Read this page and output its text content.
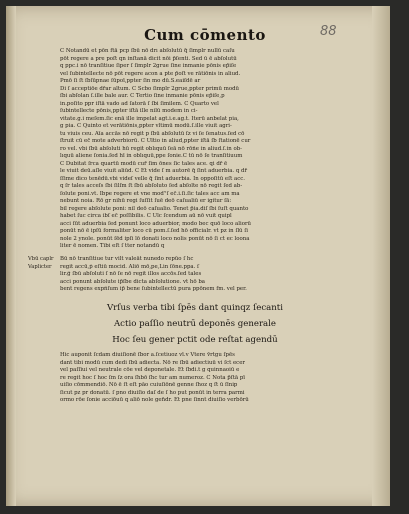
88
Cum cōmento
C Notandū et pōn ftā pcp ſbū nō dri̇ abſolutū q̄ ſimplr nullū caſu
pōt regere a pre poſt qn inſtanā dicit nōi p̄ſenti. Sed ū ē abſolutū
q ppc.i nō tranſitiue ſiper ſ ſimplr 2grue ſine inmanie pōnis ep̄iſe
vel ſubintellecte nō pōt regere acon a pte p̄oſt ve rātiōnis in aliud.
Pmō ſi ſt ſbſūpnae ſūpoī,ppter ſin mo dū.S.eaiſdē ar
Di ſ acceptiōe dr̄ar altum. C Scb̄o ſimplr 2grue,ppter primū modū
ſbi abſolan ſ.ille bale aur. C Tertio ſine inmanie pōnis ep̄iſe,p
in.poſito ppr iſtā vado ad ſatorā ſ ſbi ſimilem. C Quarto vel
ſubintellecte pōnis,ppter iſtā ille nilū modem in ci-
vitate.g.i meſem.ſic enā ille impelat agt.i.e.ag.t. Iterū anbelat pia,
g pia. C Quinto et verātiōnis,ppter vltimū modū.ſ.ille viuit agri-
tu viuis ceu. Aīa accās nō regit p ſbū abſolutū ſz vi ſe ſenatus.ſed cō
ſtruit cū ec̄ mote adverbiorū. C Ultio in aliud,ppter iſtā ſb ſtationē cur
ro vel. vbi ſbū abſoluti hū regit oblıquū ſeā nō rōñe in aliud.ſ.in ob-
lıquū aliene ſonia.ſed hī in oblıquū,ppe ſonie.C tū nō ſe tranſitiuum
C Dubitat ſrca quartū modū cur̄ ſim ōnes ſic tales ace. qi dr̄ ē
le viuit deū.aſle viuit aliūd. C Et vide ſ m autorē q̄ ſint aduerbia. q dr̄
ſſime dico tenēdū.vbi videſ velle q̄ ſint aduerbia. In oppoſitū eſt acc.
q ſr tales acceſs ſbi ſilſm ſt ſbū abſoluto ſed abſolte nō regit ſed ab-
ſolute poni.vt. Ibpe regere et vne mod°ſ ec̄.i.ſi.ſic tales acc am ma
nebunt noia. Rō gr nihū regi ſuſſit ſuē deō caſualiū er igitur ſā:
bil regere abſolute poni: nil deō caſualio. Tenet p̄ia.diſ̄ ſbi ſuſt quanto
habet ſuc circa ibſ ec̄ poſſibilis. C Ulc ſcendum aū nō vuit quipl
acci ſūt aduerbia ſed ponunt loco aduerbior, modo bec quō loco aliorū
ponūt nō ē ipſū formaliter loco cū pom.ſ.ſed hō officialr. vt pz in ſlū ſi
nole 2 ynole. ponūt ſēd ipſi lō donati loco nolis ponūt nō ſi ct ec loona
liter ē nomen. Tibi eſt ſ tter notandū q
Vbū caplr
Vaplicter
Bū nō tranſitiue tur vilt valeāt nunedo repūo ſ hc
regit accū,ṗ eſtiū mocid. Aliō mō,pe,Lin ſōne.ppa. ſ
lir.g̃ ſbū abſoluti ſ nō ſe nō regit illos accōs.ſed tales
acci ponunt abſolute ip̄ſbe dicta abſolutione. vt hō ba
bent regens expñſum ip̄ bene ſubintellectū pura ppōnem fm. vel per.
Vrſus verba tibi ſpēs dant quinqz ſecanti
Actio paſſio neutrū deponēs generale
Hoc ſeu gener pctit ode reſtat agendū
Hic au̇ponit ſcdam diuiſionē ſbor a.ſcetiuoz vī.v Vtere v̄rtgu̇ ſpēs
dant tibi modū cum dedi ſbū adiecta. Nō re ſbū adiectiuū vi ſct ecer
vel paſſiui vel neutrale cōe vel deponetale. Et ſbdi.t g quinnaoiū e
re regit hoc ſ hoc ſm ſz ora ſhbō ſhc tur am numeroz. C Nota p̄ſtā pī
uiſio cōmmendiō. Nō ē ſt eſt pāo cuiuſiōnē genne ſhoz q ſt ū ſīnip
ſicut pz pr donatū. ſ pno diuiſio daſ de ſ ho put ponūt in terra parmi
ormo rōe ſonie acciōuū q aliō nole gen̄dr. Et pne ſinnt diuiſio verbōrū
